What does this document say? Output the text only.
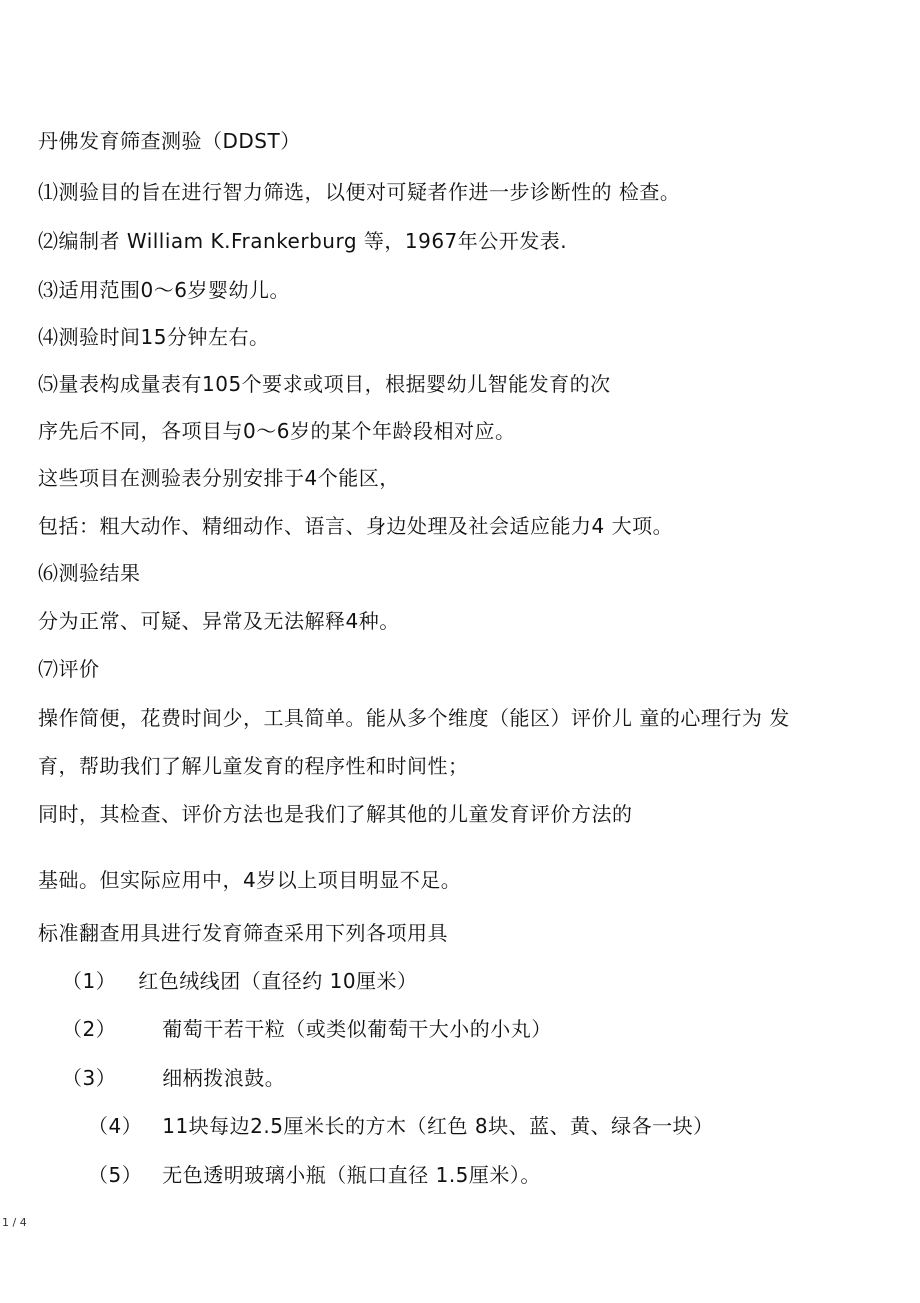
丹佛发育筛查测验（DDST）
⑴测验目的旨在进行智力筛选，以便对可疑者作进一步诊断性的 检查。
⑵编制者 William K.Frankerburg 等，1967年公开发表.
⑶适用范围0～6岁婴幼儿。
⑷测验时间15分钟左右。
⑸量表构成量表有105个要求或项目，根据婴幼儿智能发育的次
序先后不同，各项目与0～6岁的某个年龄段相对应。
这些项目在测验表分别安排于4个能区，
包括：粗大动作、精细动作、语言、身边处理及社会适应能力4 大项。
⑹测验结果
分为正常、可疑、异常及无法解释4种。
⑺评价
操作简便，花费时间少，工具简单。能从多个维度（能区）评价儿 童的心理行为 发
育，帮助我们了解儿童发育的程序性和时间性；
同时，其检查、评价方法也是我们了解其他的儿童发育评价方法的
基础。但实际应用中，4岁以上项目明显不足。
标准翻查用具进行发育筛查采用下列各项用具
（1） 红色绒线团（直径约 10厘米）
（2） 葡萄干若干粒（或类似葡萄干大小的小丸）
（3） 细柄拨浪鼓。
（4） 11块每边2.5厘米长的方木（红色 8块、蓝、黄、绿各一块）
（5） 无色透明玻璃小瓶（瓶口直径 1.5厘米）。
1 / 4
